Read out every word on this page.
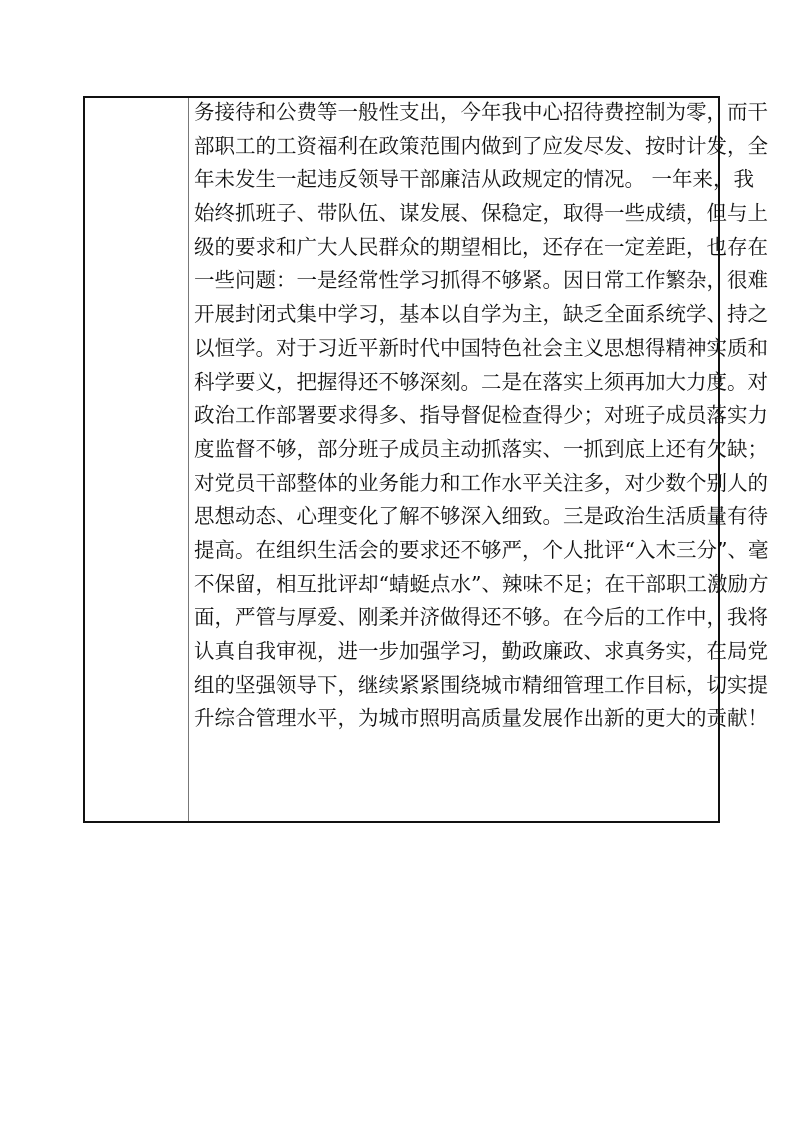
务接待和公费等一般性支出，今年我中心招待费控制为零，而干
部职工的工资福利在政策范围内做到了应发尽发、按时计发，全
年未发生一起违反领导干部廉洁从政规定的情况。 一年来，我
始终抓班子、带队伍、谋发展、保稳定，取得一些成绩，但与上
级的要求和广大人民群众的期望相比，还存在一定差距，也存在
一些问题：一是经常性学习抓得不够紧。因日常工作繁杂，很难
开展封闭式集中学习，基本以自学为主，缺乏全面系统学、持之
以恒学。对于习近平新时代中国特色社会主义思想得精神实质和
科学要义，把握得还不够深刻。二是在落实上须再加大力度。对
政治工作部署要求得多、指导督促检查得少；对班子成员落实力
度监督不够，部分班子成员主动抓落实、一抓到底上还有欠缺；
对党员干部整体的业务能力和工作水平关注多，对少数个别人的
思想动态、心理变化了解不够深入细致。三是政治生活质量有待
提高。在组织生活会的要求还不够严，个人批评“入木三分”、毫
不保留，相互批评却“蜻蜓点水”、辣味不足；在干部职工激励方
面，严管与厚爱、刚柔并济做得还不够。在今后的工作中，我将
认真自我审视，进一步加强学习，勤政廉政、求真务实，在局党
组的坚强领导下，继续紧紧围绕城市精细管理工作目标，切实提
升综合管理水平，为城市照明高质量发展作出新的更大的贡献！
